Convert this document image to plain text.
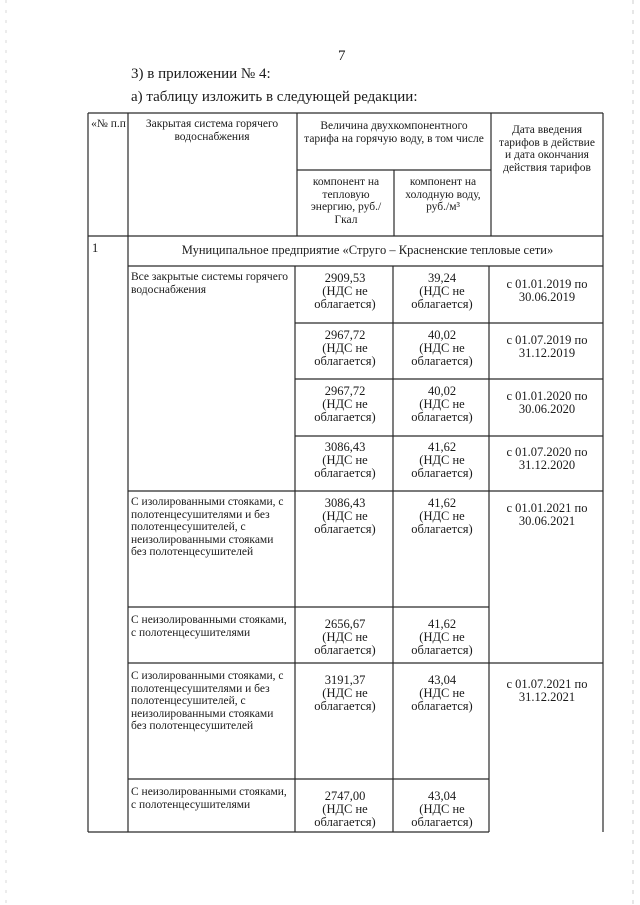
7
3) в приложении № 4:
а) таблицу изложить в следующей редакции:
«№ п.п	Закрытая система горячего водоснабжения
Величина двухкомпонентного тарифа на горячую воду, в том числе
компонент на тепловую энергию, руб./Гкал
компонент на холодную воду, руб./м³
Дата введения тарифов в действие и дата окончания действия тарифов
1	Муниципальное предприятие «Стругo – Красненские тепловые сети»
Все закрытые системы горячего водоснабжения
2909,53
(НДС не облагается)
39,24
(НДС не облагается)
с 01.01.2019 по 30.06.2019
2967,72
(НДС не облагается)
40,02
(НДС не облагается)
с 01.07.2019 по 31.12.2019
2967,72
(НДС не облагается)
40,02
(НДС не облагается)
с 01.01.2020 по 30.06.2020
3086,43
(НДС не облагается)
41,62
(НДС не облагается)
с 01.07.2020 по 31.12.2020
С изолированными стояками, с полотенцесушителями и без полотенцесушителей, с неизолированными стояками без полотенцесушителей
3086,43
(НДС не облагается)
41,62
(НДС не облагается)
с 01.01.2021 по 30.06.2021
С неизолированными стояками, с полотенцесушителями
2656,67
(НДС не облагается)
41,62
(НДС не облагается)
С изолированными стояками, с полотенцесушителями и без полотенцесушителей, с неизолированными стояками без полотенцесушителей
3191,37
(НДС не облагается)
43,04
(НДС не облагается)
с 01.07.2021 по 31.12.2021
С неизолированными стояками, с полотенцесушителями
2747,00
(НДС не облагается)
43,04
(НДС не облагается)
